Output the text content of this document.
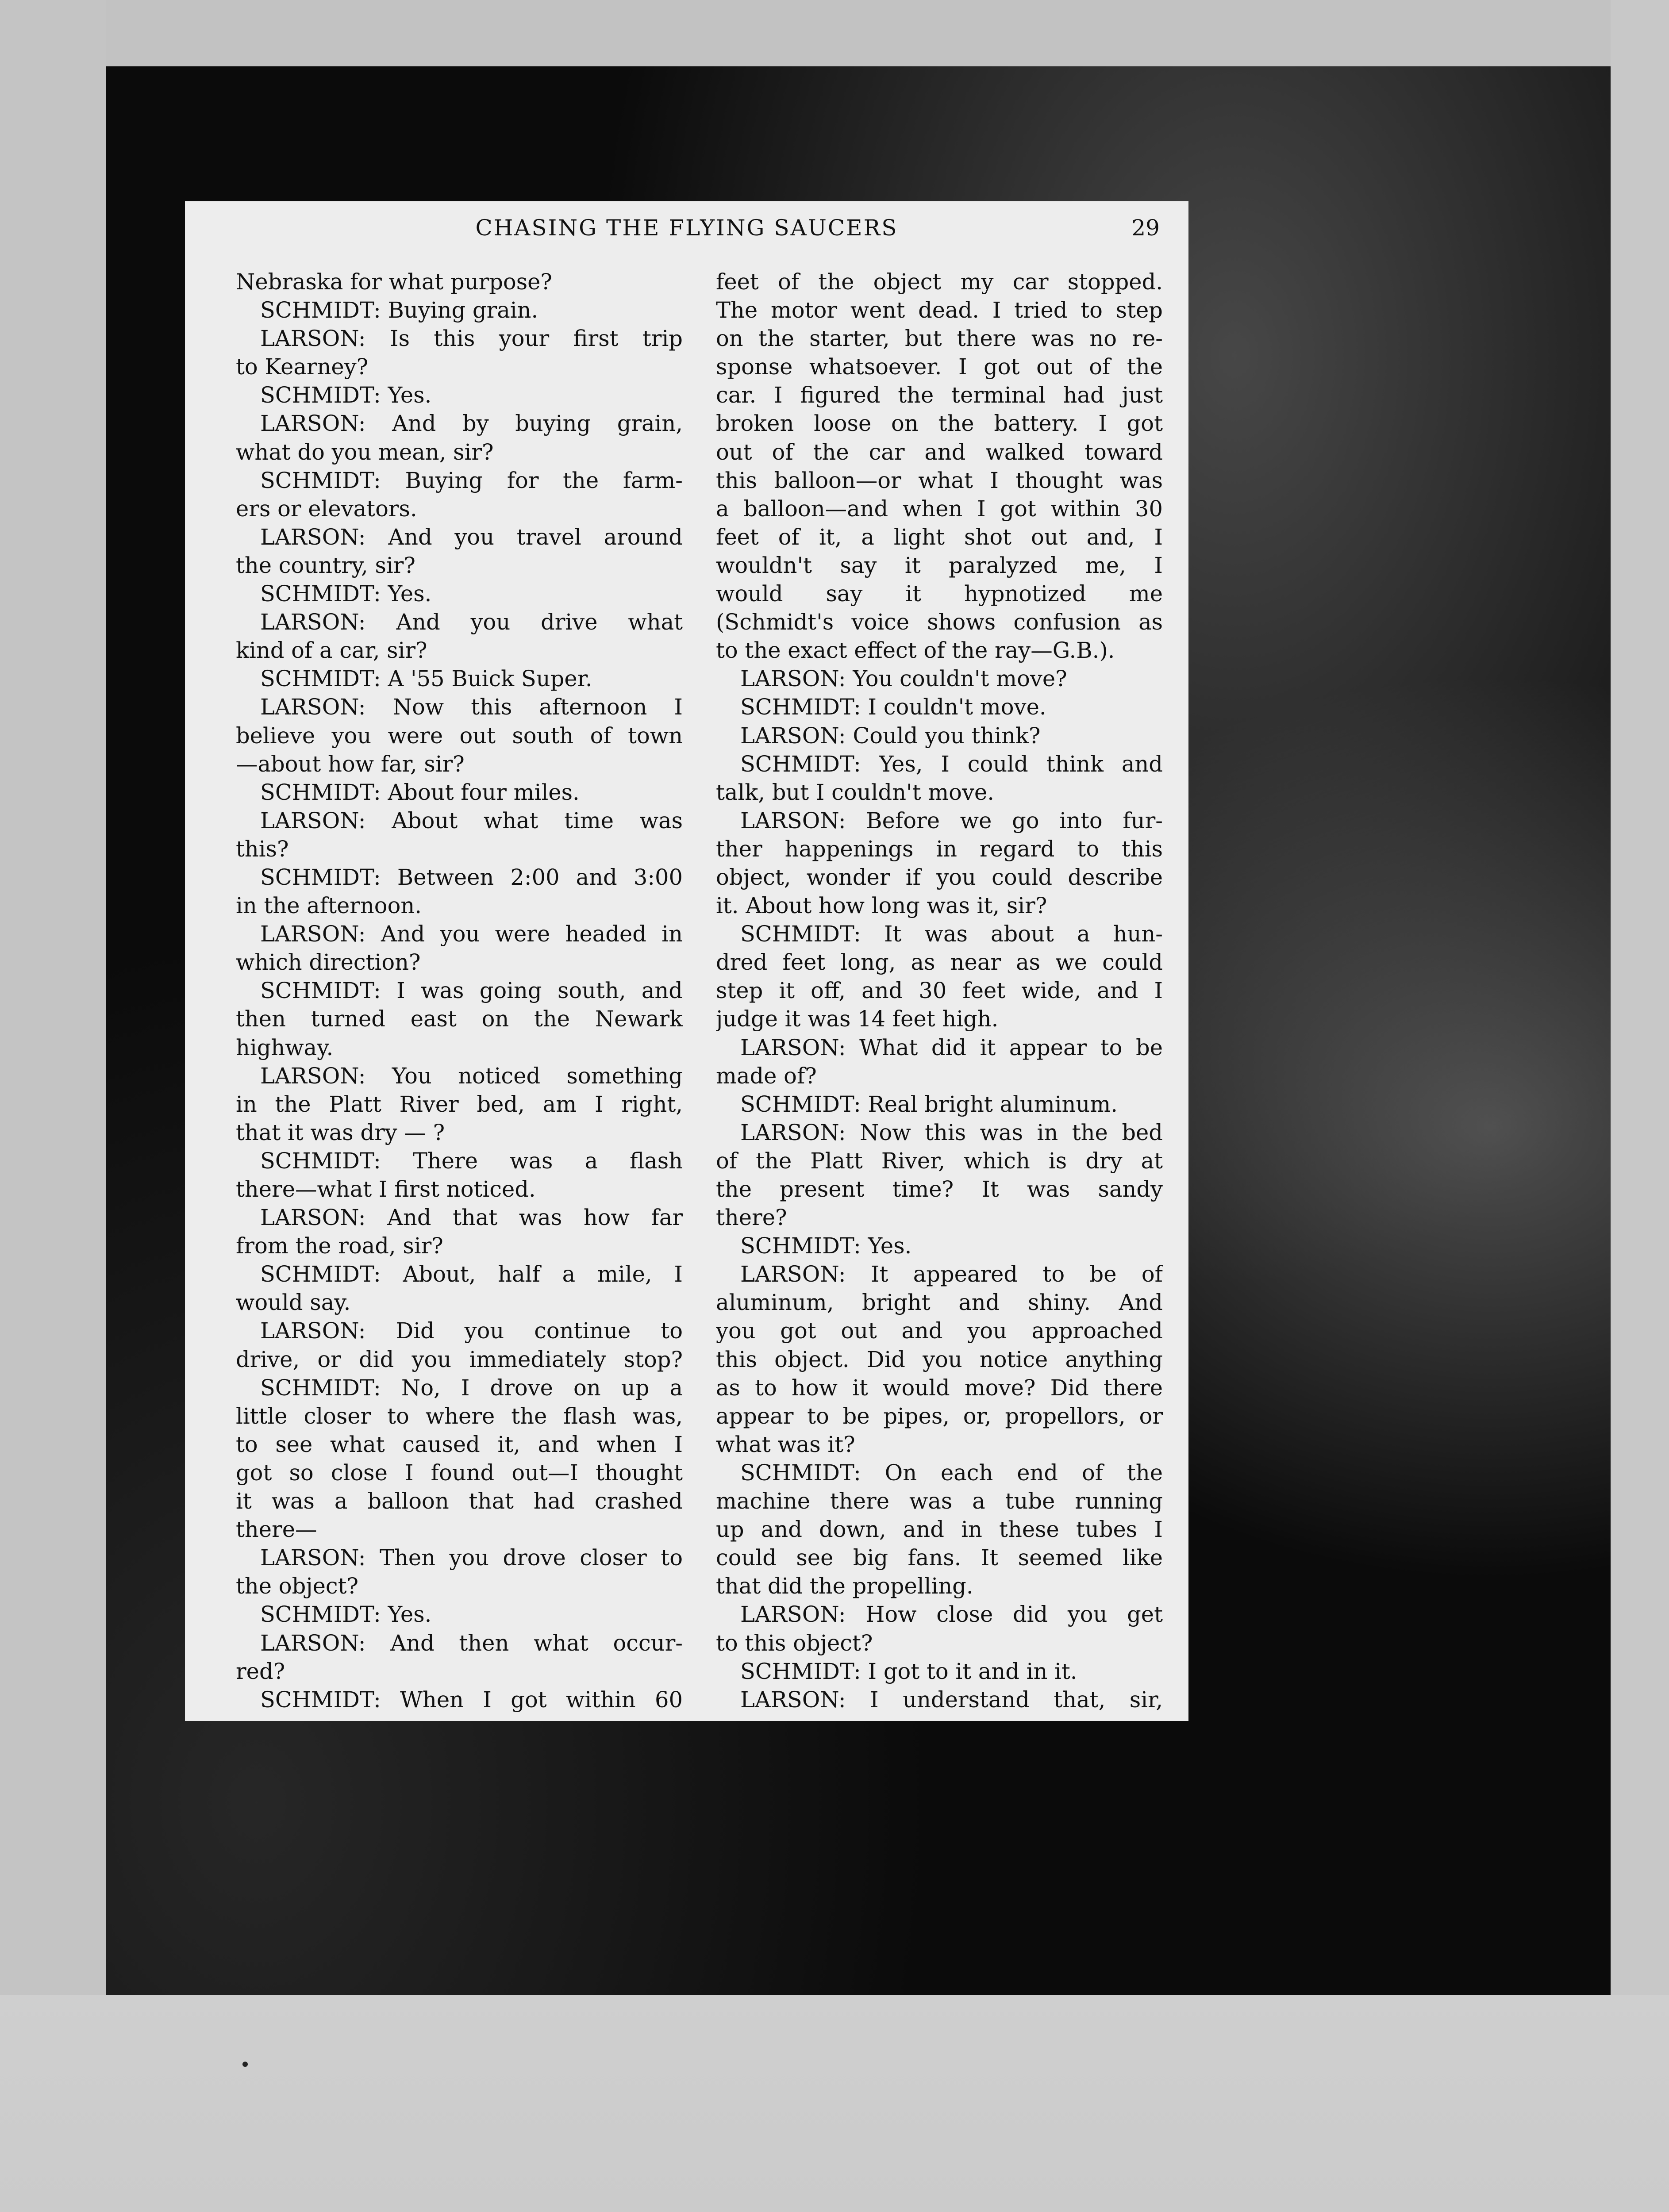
CHASING THE FLYING SAUCERS	29
Nebraska for what purpose?
SCHMIDT: Buying grain.
LARSON: Is this your first trip
to Kearney?
SCHMIDT: Yes.
LARSON: And by buying grain,
what do you mean, sir?
SCHMIDT: Buying for the farm-
ers or elevators.
LARSON: And you travel around
the country, sir?
SCHMIDT: Yes.
LARSON: And you drive what
kind of a car, sir?
SCHMIDT: A '55 Buick Super.
LARSON: Now this afternoon I
believe you were out south of town
—about how far, sir?
SCHMIDT: About four miles.
LARSON: About what time was
this?
SCHMIDT: Between 2:00 and 3:00
in the afternoon.
LARSON: And you were headed in
which direction?
SCHMIDT: I was going south, and
then turned east on the Newark
highway.
LARSON: You noticed something
in the Platt River bed, am I right,
that it was dry — ?
SCHMIDT: There was a flash
there—what I first noticed.
LARSON: And that was how far
from the road, sir?
SCHMIDT: About, half a mile, I
would say.
LARSON: Did you continue to
drive, or did you immediately stop?
SCHMIDT: No, I drove on up a
little closer to where the flash was,
to see what caused it, and when I
got so close I found out—I thought
it was a balloon that had crashed
there—
LARSON: Then you drove closer to
the object?
SCHMIDT: Yes.
LARSON: And then what occur-
red?
SCHMIDT: When I got within 60
feet of the object my car stopped.
The motor went dead. I tried to step
on the starter, but there was no re-
sponse whatsoever. I got out of the
car. I figured the terminal had just
broken loose on the battery. I got
out of the car and walked toward
this balloon—or what I thought was
a balloon—and when I got within 30
feet of it, a light shot out and, I
wouldn't say it paralyzed me, I
would say it hypnotized me
(Schmidt's voice shows confusion as
to the exact effect of the ray—G.B.).
LARSON: You couldn't move?
SCHMIDT: I couldn't move.
LARSON: Could you think?
SCHMIDT: Yes, I could think and
talk, but I couldn't move.
LARSON: Before we go into fur-
ther happenings in regard to this
object, wonder if you could describe
it. About how long was it, sir?
SCHMIDT: It was about a hun-
dred feet long, as near as we could
step it off, and 30 feet wide, and I
judge it was 14 feet high.
LARSON: What did it appear to be
made of?
SCHMIDT: Real bright aluminum.
LARSON: Now this was in the bed
of the Platt River, which is dry at
the present time? It was sandy
there?
SCHMIDT: Yes.
LARSON: It appeared to be of
aluminum, bright and shiny. And
you got out and you approached
this object. Did you notice anything
as to how it would move? Did there
appear to be pipes, or, propellors, or
what was it?
SCHMIDT: On each end of the
machine there was a tube running
up and down, and in these tubes I
could see big fans. It seemed like
that did the propelling.
LARSON: How close did you get
to this object?
SCHMIDT: I got to it and in it.
LARSON: I understand that, sir,
